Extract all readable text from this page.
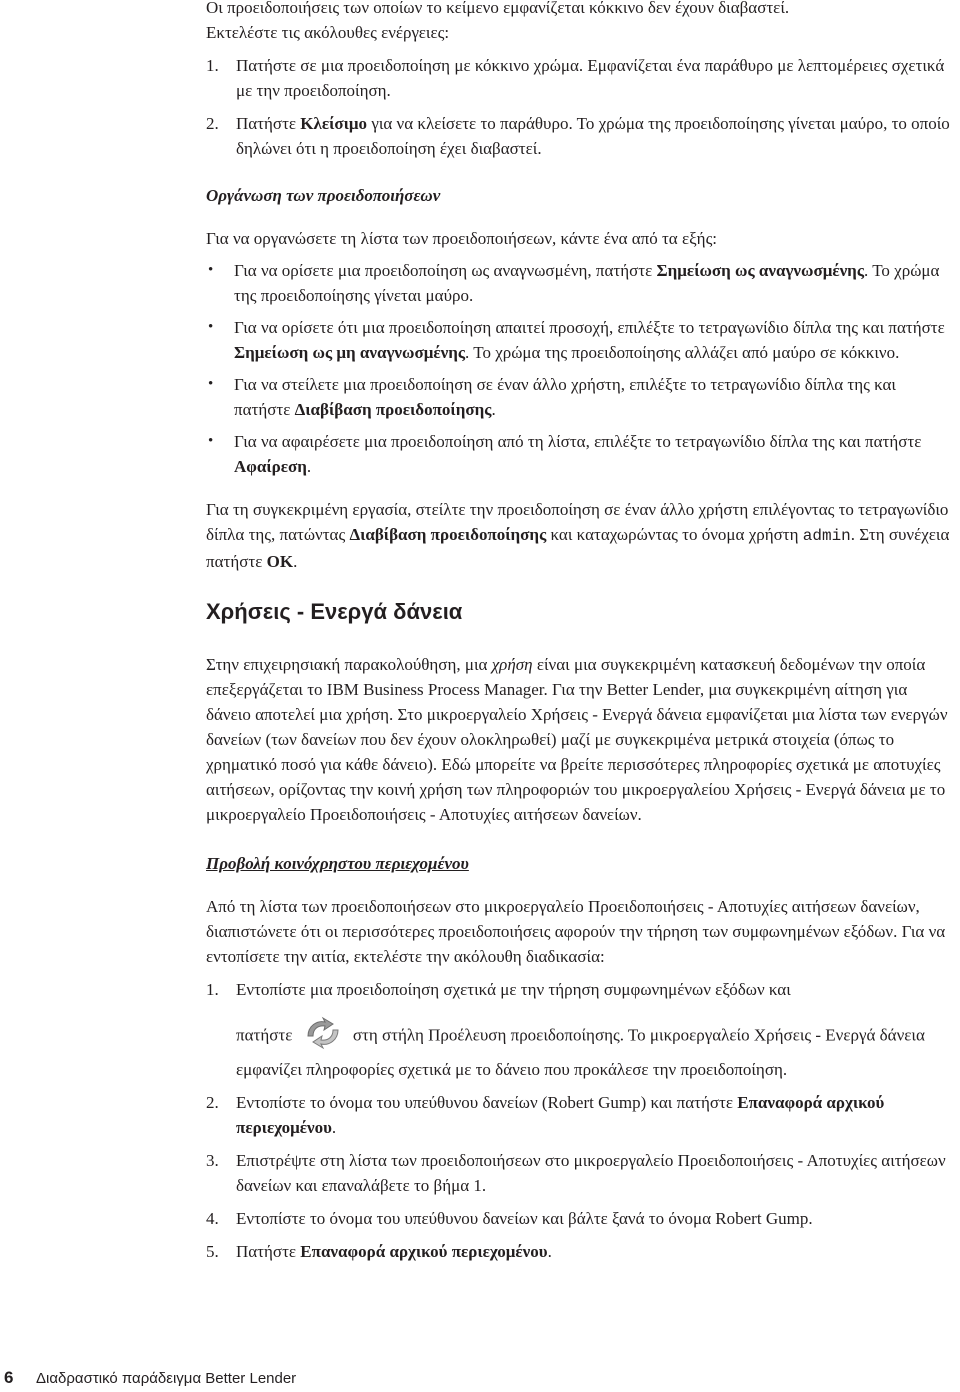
Οι προειδοποιήσεις των οποίων το κείμενο εμφανίζεται κόκκινο δεν έχουν διαβαστεί.
Εκτελέστε τις ακόλουθες ενέργειες:

1. Πατήστε σε μια προειδοποίηση με κόκκινο χρώμα. Εμφανίζεται ένα παράθυρο με λεπτομέρειες σχετικά με την προειδοποίηση.
2. Πατήστε Κλείσιμο για να κλείσετε το παράθυρο. Το χρώμα της προειδοποίησης γίνεται μαύρο, το οποίο δηλώνει ότι η προειδοποίηση έχει διαβαστεί.

Οργάνωση των προειδοποιήσεων

Για να οργανώσετε τη λίστα των προειδοποιήσεων, κάντε ένα από τα εξής:

• Για να ορίσετε μια προειδοποίηση ως αναγνωσμένη, πατήστε Σημείωση ως αναγνωσμένης. Το χρώμα της προειδοποίησης γίνεται μαύρο.
• Για να ορίσετε ότι μια προειδοποίηση απαιτεί προσοχή, επιλέξτε το τετραγωνίδιο δίπλα της και πατήστε Σημείωση ως μη αναγνωσμένης. Το χρώμα της προειδοποίησης αλλάζει από μαύρο σε κόκκινο.
• Για να στείλετε μια προειδοποίηση σε έναν άλλο χρήστη, επιλέξτε το τετραγωνίδιο δίπλα της και πατήστε Διαβίβαση προειδοποίησης.
• Για να αφαιρέσετε μια προειδοποίηση από τη λίστα, επιλέξτε το τετραγωνίδιο δίπλα της και πατήστε Αφαίρεση.

Για τη συγκεκριμένη εργασία, στείλτε την προειδοποίηση σε έναν άλλο χρήστη επιλέγοντας το τετραγωνίδιο δίπλα της, πατώντας Διαβίβαση προειδοποίησης και καταχωρώντας το όνομα χρήστη admin. Στη συνέχεια πατήστε OK.

Χρήσεις - Ενεργά δάνεια

Στην επιχειρησιακή παρακολούθηση, μια χρήση είναι μια συγκεκριμένη κατασκευή δεδομένων την οποία επεξεργάζεται το IBM Business Process Manager. Για την Better Lender, μια συγκεκριμένη αίτηση για δάνειο αποτελεί μια χρήση. Στο μικροεργαλείο Χρήσεις - Ενεργά δάνεια εμφανίζεται μια λίστα των ενεργών δανείων (των δανείων που δεν έχουν ολοκληρωθεί) μαζί με συγκεκριμένα μετρικά στοιχεία (όπως το χρηματικό ποσό για κάθε δάνειο). Εδώ μπορείτε να βρείτε περισσότερες πληροφορίες σχετικά με αποτυχίες αιτήσεων, ορίζοντας την κοινή χρήση των πληροφοριών του μικροεργαλείου Χρήσεις - Ενεργά δάνεια με το μικροεργαλείο Προειδοποιήσεις - Αποτυχίες αιτήσεων δανείων.

Προβολή κοινόχρηστου περιεχομένου

Από τη λίστα των προειδοποιήσεων στο μικροεργαλείο Προειδοποιήσεις - Αποτυχίες αιτήσεων δανείων, διαπιστώνετε ότι οι περισσότερες προειδοποιήσεις αφορούν την τήρηση των συμφωνημένων εξόδων. Για να εντοπίσετε την αιτία, εκτελέστε την ακόλουθη διαδικασία:

1. Εντοπίστε μια προειδοποίηση σχετικά με την τήρηση συμφωνημένων εξόδων και
πατήστε	στη στήλη Προέλευση προειδοποίησης. Το μικροεργαλείο Χρήσεις - Ενεργά δάνεια εμφανίζει πληροφορίες σχετικά με το δάνειο που προκάλεσε την προειδοποίηση.
2. Εντοπίστε το όνομα του υπεύθυνου δανείων (Robert Gump) και πατήστε Επαναφορά αρχικού περιεχομένου.
3. Επιστρέψτε στη λίστα των προειδοποιήσεων στο μικροεργαλείο Προειδοποιήσεις - Αποτυχίες αιτήσεων δανείων και επαναλάβετε το βήμα 1.
4. Εντοπίστε το όνομα του υπεύθυνου δανείων και βάλτε ξανά το όνομα Robert Gump.
5. Πατήστε Επαναφορά αρχικού περιεχομένου.
6 Διαδραστικό παράδειγμα Better Lender
